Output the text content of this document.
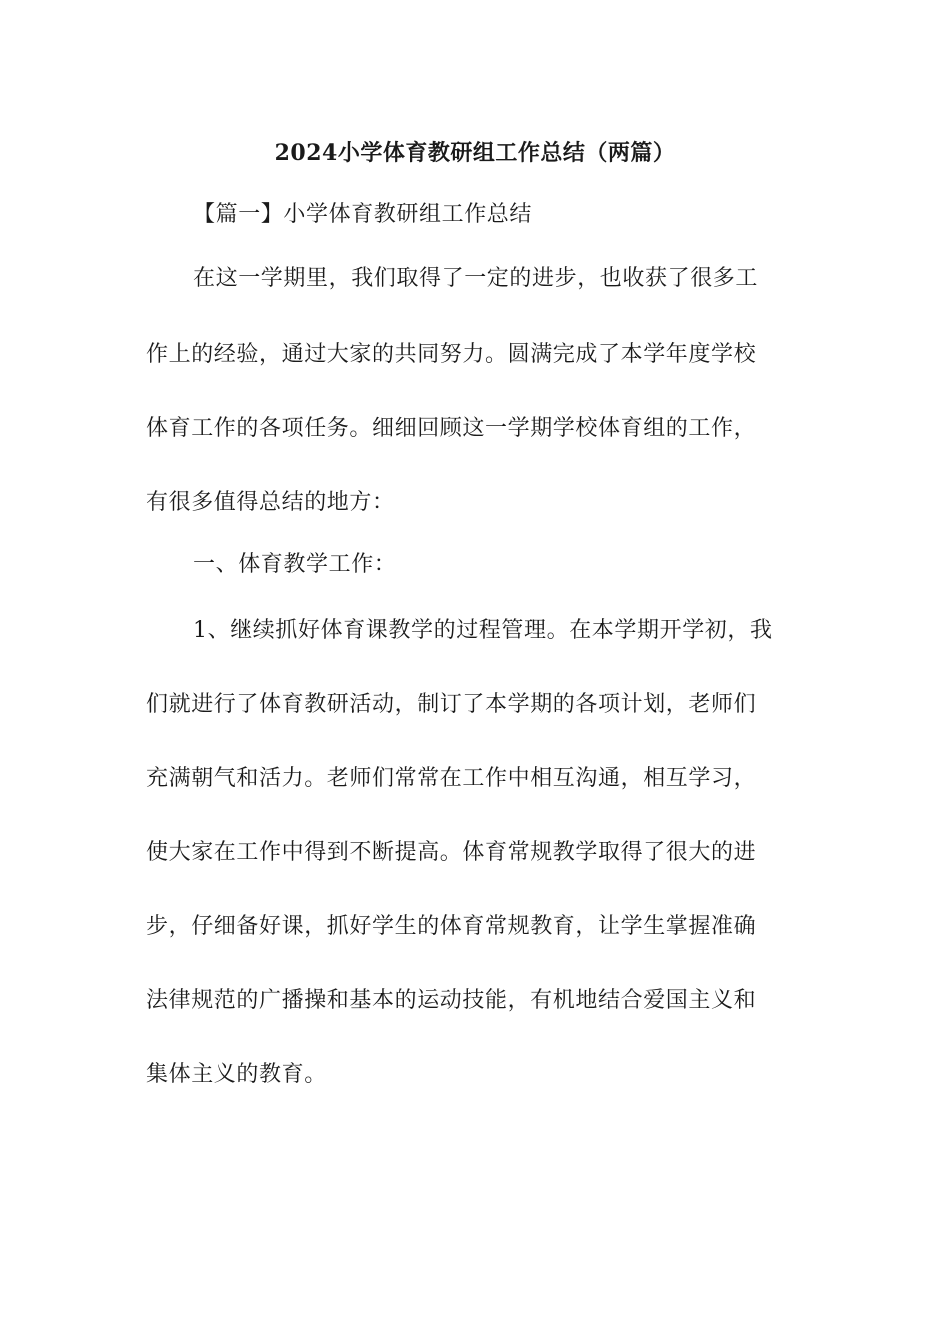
2024小学体育教研组工作总结（两篇）
【篇一】小学体育教研组工作总结
在这一学期里，我们取得了一定的进步，也收获了很多工
作上的经验，通过大家的共同努力。圆满完成了本学年度学校
体育工作的各项任务。细细回顾这一学期学校体育组的工作，
有很多值得总结的地方：
一、体育教学工作：
1、继续抓好体育课教学的过程管理。在本学期开学初，我
们就进行了体育教研活动，制订了本学期的各项计划，老师们
充满朝气和活力。老师们常常在工作中相互沟通，相互学习，
使大家在工作中得到不断提高。体育常规教学取得了很大的进
步，仔细备好课，抓好学生的体育常规教育，让学生掌握准确
法律规范的广播操和基本的运动技能，有机地结合爱国主义和
集体主义的教育。
